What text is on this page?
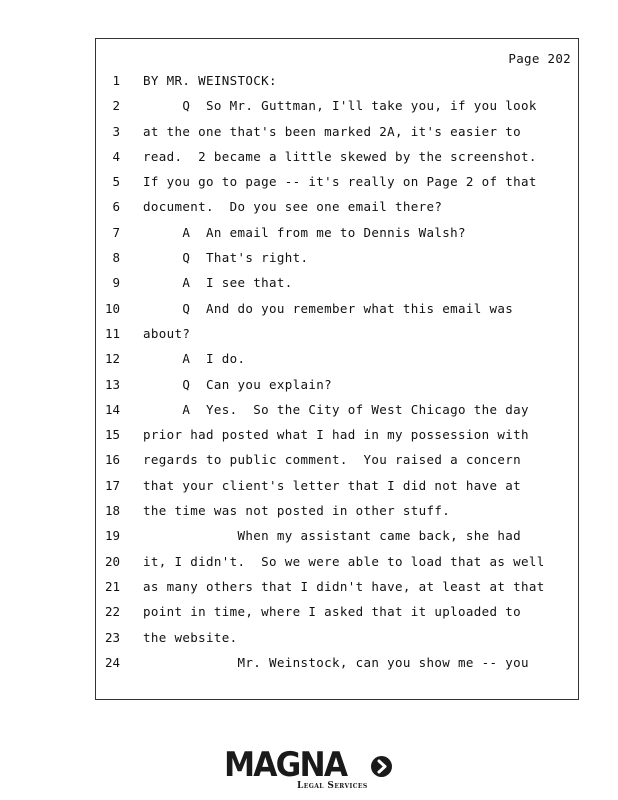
Page 202
1 BY MR. WEINSTOCK:
2 Q  So Mr. Guttman, I'll take you, if you look
3 at the one that's been marked 2A, it's easier to
4 read.  2 became a little skewed by the screenshot.
5 If you go to page -- it's really on Page 2 of that
6 document.  Do you see one email there?
7 A  An email from me to Dennis Walsh?
8 Q  That's right.
9 A  I see that.
10 Q  And do you remember what this email was
11 about?
12 A  I do.
13 Q  Can you explain?
14 A  Yes.  So the City of West Chicago the day
15 prior had posted what I had in my possession with
16 regards to public comment.  You raised a concern
17 that your client's letter that I did not have at
18 the time was not posted in other stuff.
19 When my assistant came back, she had
20 it, I didn't.  So we were able to load that as well
21 as many others that I didn't have, at least at that
22 point in time, where I asked that it uploaded to
23 the website.
24 Mr. Weinstock, can you show me -- you
MAGNA
Legal Services
